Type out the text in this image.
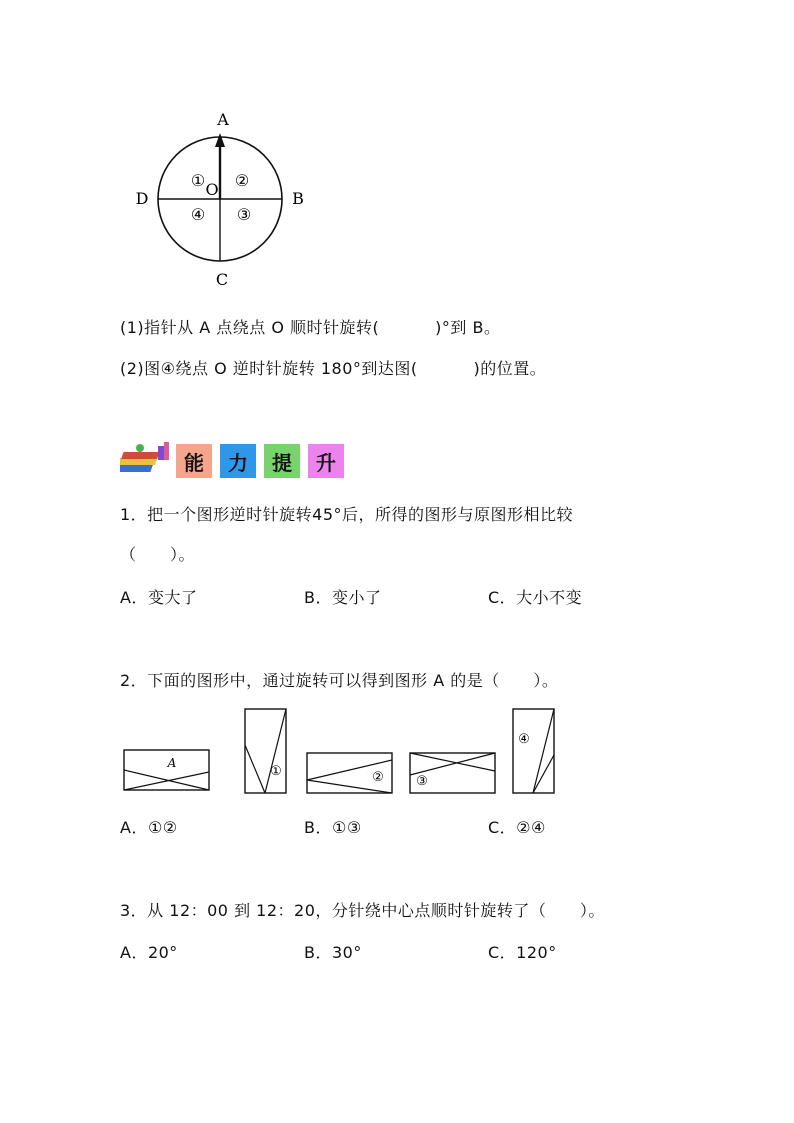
A
B
C
D	O
① ②
③
④
(1)指针从 A 点绕点 O 顺时针旋转(          )°到 B。
(2)图④绕点 O 逆时针旋转 180°到达图(          )的位置。
能	力	提	升
1．把一个图形逆时针旋转45°后，所得的图形与原图形相比较
（      ）。
A．变大了	B．变小了	C．大小不变
2．下面的图形中，通过旋转可以得到图形 A 的是（      ）。
A
①	② ③
④
A．①②	B．①③	C．②④
3．从 12：00 到 12：20，分针绕中心点顺时针旋转了（      ）。
A．20°	B．30°	C．120°
